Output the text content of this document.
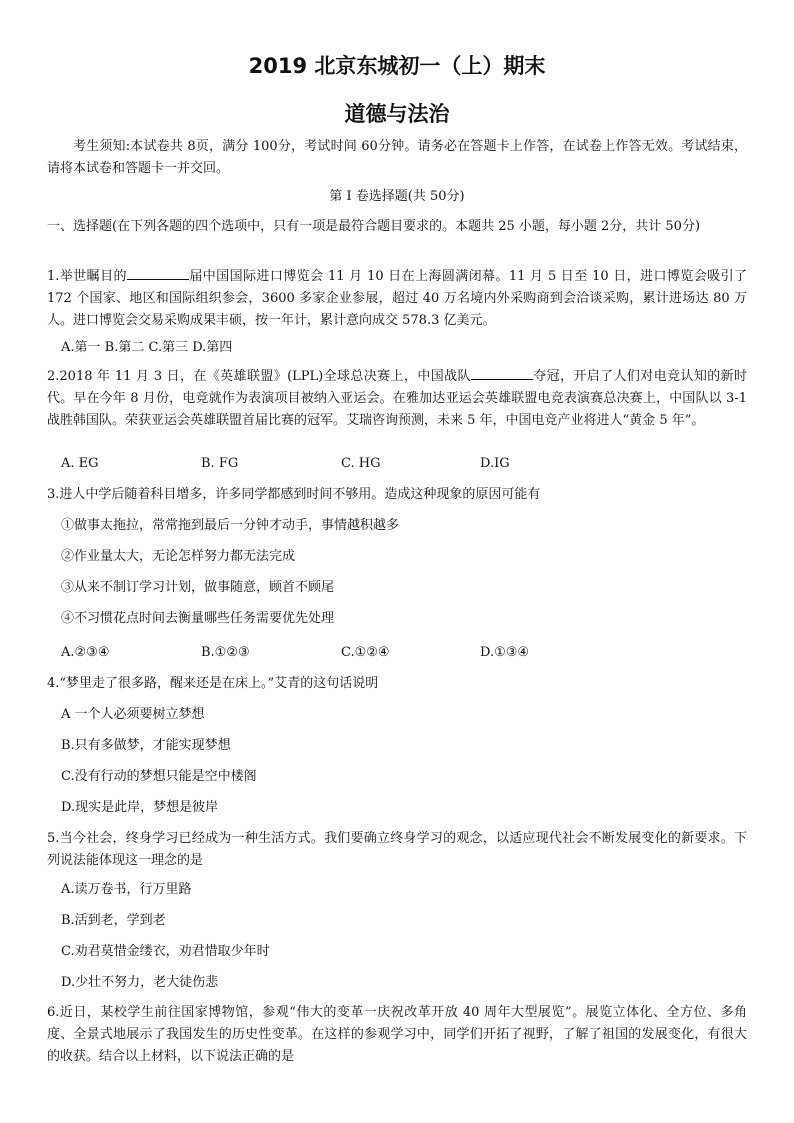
2019 北京东城初一（上）期末
道德与法治
考生须知:本试卷共 8页，满分 100分，考试时间 60分钟。请务必在答题卡上作答，在试卷上作答无效。考试结束，请将本试卷和答题卡一并交回。
第 I 卷选择题(共 50分)
一、选择题(在下列各题的四个选项中，只有一项是最符合题目要求的。本题共 25 小题，每小题 2分，共计 50分)
1.举世瞩目的	届中国国际进口博览会 11 月 10 日在上海圆满闭幕。11 月 5 日至 10 日，进口博览会吸引了 172 个国家、地区和国际组织参会，3600 多家企业参展，超过 40 万名境内外采购商到会洽谈采购，累计进场达 80 万人。进口博览会交易采购成果丰硕，按一年计，累计意向成交 578.3 亿美元。
A.第一 B.第二 C.第三 D.第四
2.2018 年 11 月 3 日，在《英雄联盟》(LPL)全球总决赛上，中国战队	夺冠，开启了人们对电竞认知的新时代。早在今年 8 月份，电竞就作为表演项目被纳入亚运会。在雅加达亚运会英雄联盟电竞表演赛总决赛上，中国队以 3-1 战胜韩国队。荣获亚运会英雄联盟首届比赛的冠军。艾瑞咨询预测，未来 5 年，中国电竞产业将进人“黄金 5 年”。
A. EG	B. FG	C. HG	D.IG
3.进人中学后随着科目增多，许多同学都感到时间不够用。造成这种现象的原因可能有
①做事太拖拉，常常拖到最后一分钟才动手，事情越积越多
②作业量太大，无论怎样努力都无法完成
③从来不制订学习计划，做事随意，顾首不顾尾
④不习惯花点时间去衡量哪些任务需要优先处理
A.②③④	B.①②③	C.①②④	D.①③④
4.“梦里走了很多路，醒来还是在床上。”艾青的这句话说明
A 一个人必须要树立梦想
B.只有多做梦，才能实现梦想
C.没有行动的梦想只能是空中楼阁
D.现实是此岸，梦想是彼岸
5.当今社会，终身学习已经成为一种生活方式。我们要确立终身学习的观念，以适应现代社会不断发展变化的新要求。下列说法能体现这一理念的是
A.读万卷书，行万里路
B.活到老，学到老
C.劝君莫惜金缕衣，劝君惜取少年时
D.少壮不努力，老大徒伤悲
6.近日，某校学生前往国家博物馆，参观“伟大的变革一庆祝改革开放 40 周年大型展览”。展览立体化、全方位、多角度、全景式地展示了我国发生的历史性变革。在这样的参观学习中，同学们开拓了视野，了解了祖国的发展变化，有很大的收获。结合以上材料，以下说法正确的是
